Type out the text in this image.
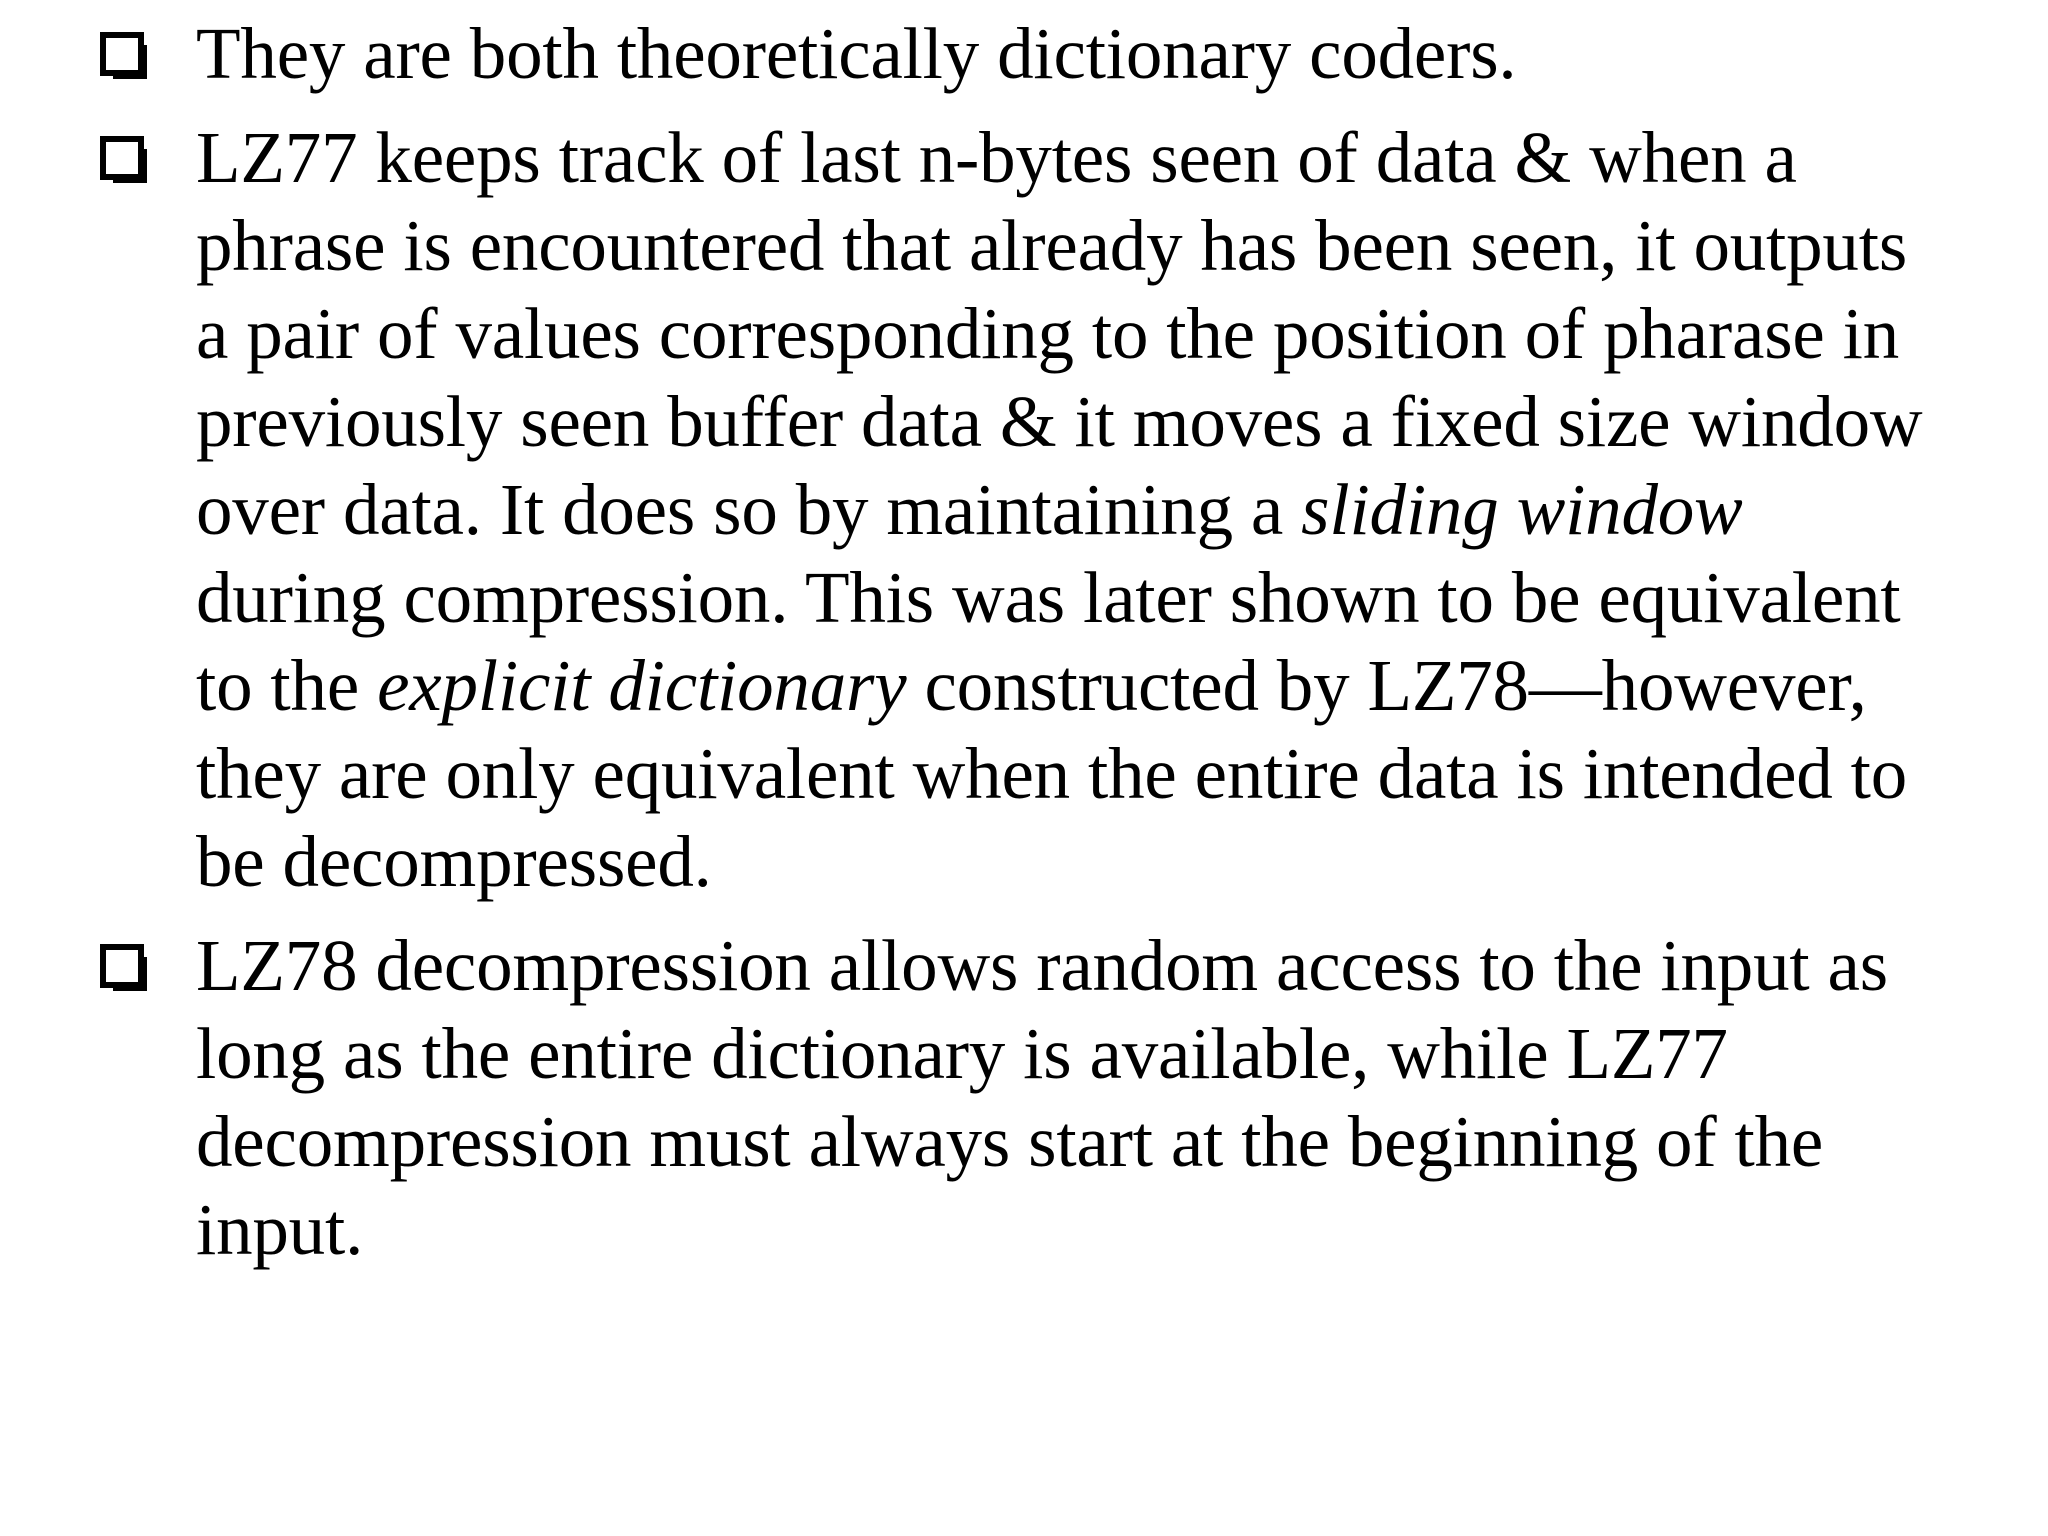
They are both theoretically dictionary coders.
LZ77 keeps track of last n-bytes seen of data & when a
phrase is encountered that already has been seen, it outputs
a pair of values corresponding to the position of pharase in
previously seen buffer data & it moves a fixed size window
over data. It does so by maintaining a sliding window
during compression. This was later shown to be equivalent
to the explicit dictionary constructed by LZ78—however,
they are only equivalent when the entire data is intended to
be decompressed.
LZ78 decompression allows random access to the input as
long as the entire dictionary is available, while LZ77
decompression must always start at the beginning of the
input.
